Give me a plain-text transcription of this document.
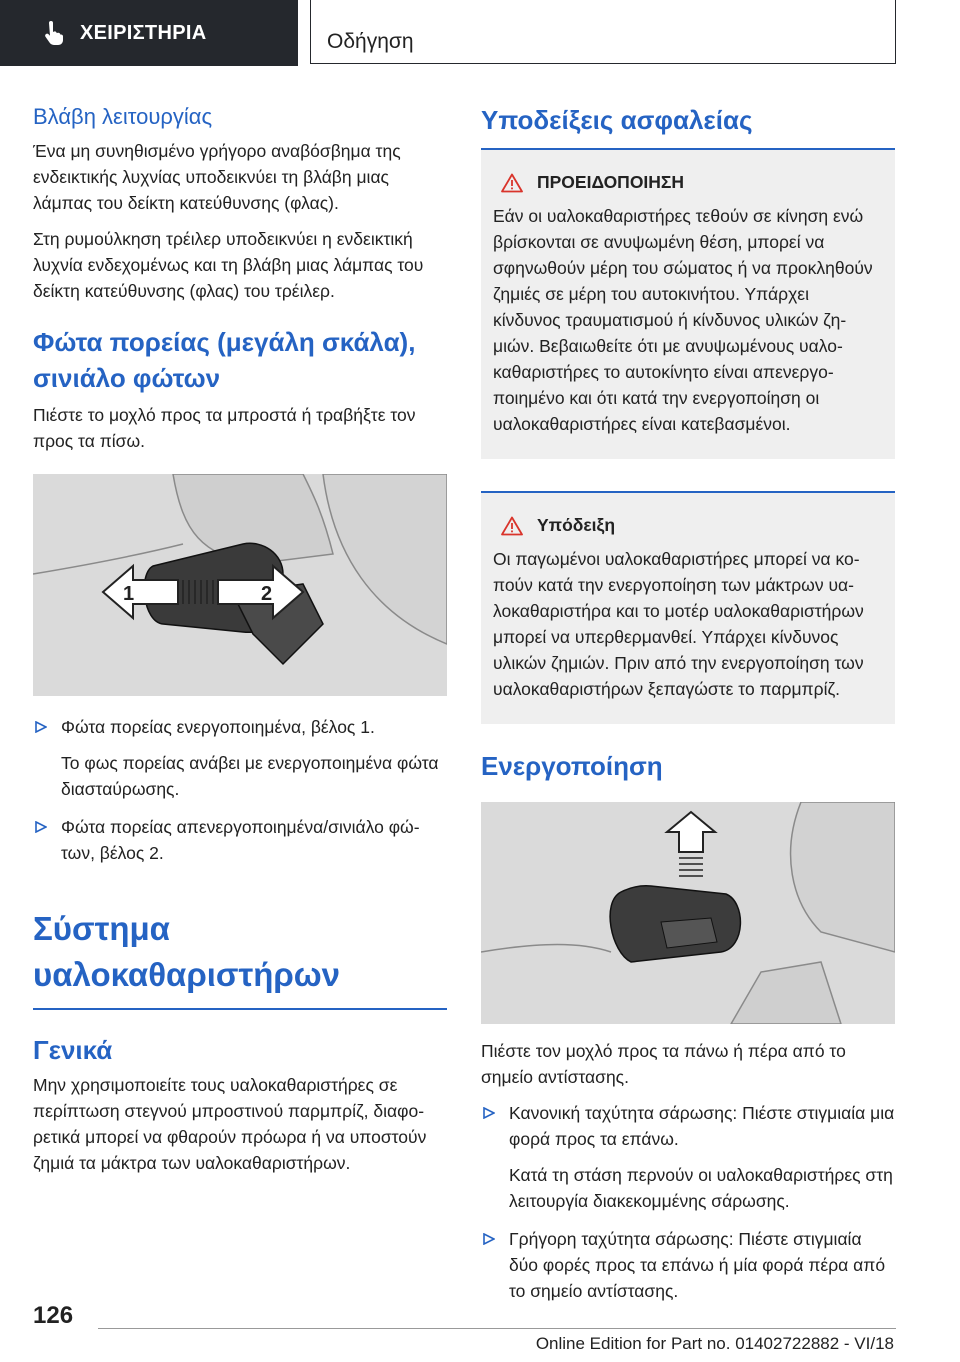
ΧΕΙΡΙΣΤΗΡΙΑ	Οδήγηση
Βλάβη λειτουργίας

Ένα μη συνηθισμένο γρήγορο αναβόσβημα της ενδεικτικής λυχνίας υποδεικνύει τη βλάβη μιας λάμπας του δείκτη κατεύθυνσης (φλας).

Στη ρυμούλκηση τρέιλερ υποδεικνύει η ενδεικτική λυχνία ενδεχομένως και τη βλάβη μιας λάμπας του δείκτη κατεύθυνσης (φλας) του τρέιλερ.

Φώτα πορείας (μεγάλη σκάλα), σινιάλο φώτων

Πιέστε το μοχλό προς τα μπροστά ή τραβήξτε τον προς τα πίσω.

1	2
Φώτα πορείας ενεργοποιημένα, βέλος 1.
Το φως πορείας ανάβει με ενεργοποιημένα φώτα διασταύρωσης.
Φώτα πορείας απενεργοποιημένα/σινιάλο φώτων, βέλος 2.
Σύστημα υαλοκαθαριστήρων
Γενικά

Μην χρησιμοποιείτε τους υαλοκαθαριστήρες σε περίπτωση στεγνού μπροστινού παρμπρίζ, διαφορετικά μπορεί να φθαρούν πρόωρα ή να υποστούν ζημιά τα μάκτρα των υαλοκαθαριστήρων.

Υποδείξεις ασφαλείας
ΠΡΟΕΙΔΟΠΟΙΗΣΗ

Εάν οι υαλοκαθαριστήρες τεθούν σε κίνηση ενώ βρίσκονται σε ανυψωμένη θέση, μπορεί να σφηνωθούν μέρη του σώματος ή να προκληθούν ζημιές σε μέρη του αυτοκινήτου. Υπάρχει κίνδυνος τραυματισμού ή κίνδυνος υλικών ζημιών. Βεβαιωθείτε ότι με ανυψωμένους υαλοκαθαριστήρες το αυτοκίνητο είναι απενεργοποιημένο και ότι κατά την ενεργοποίηση οι υαλοκαθαριστήρες είναι κατεβασμένοι.

Υπόδειξη

Οι παγωμένοι υαλοκαθαριστήρες μπορεί να κοπούν κατά την ενεργοποίηση των μάκτρων υαλοκαθαριστήρα και το μοτέρ υαλοκαθαριστήρων μπορεί να υπερθερμανθεί. Υπάρχει κίνδυνος υλικών ζημιών. Πριν από την ενεργοποίηση των υαλοκαθαριστήρων ξεπαγώστε το παρμπρίζ.

Ενεργοποίηση

Πιέστε τον μοχλό προς τα πάνω ή πέρα από το σημείο αντίστασης.

Κανονική ταχύτητα σάρωσης: Πιέστε στιγμιαία μια φορά προς τα επάνω.
Κατά τη στάση περνούν οι υαλοκαθαριστήρες στη λειτουργία διακεκομμένης σάρωσης.
Γρήγορη ταχύτητα σάρωσης: Πιέστε στιγμιαία δύο φορές προς τα επάνω ή μία φορά πέρα από το σημείο αντίστασης.
126
Online Edition for Part no. 01402722882 - VI/18
